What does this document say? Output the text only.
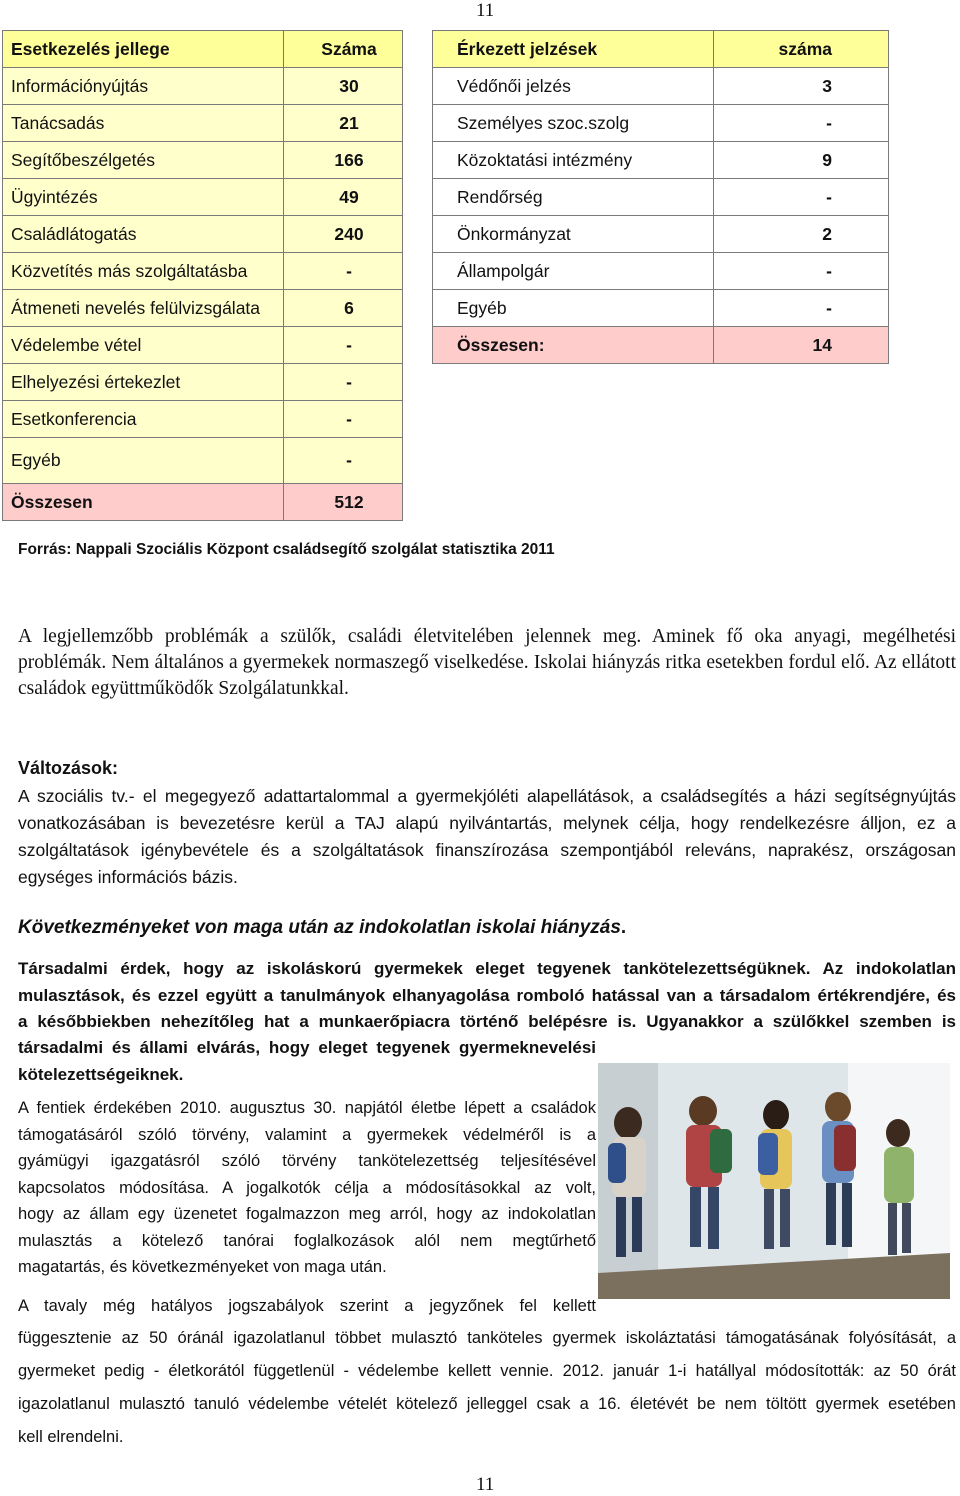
11
Esetkezelés jellege	Száma
Információnyújtás	30
Tanácsadás	21
Segítőbeszélgetés	166
Ügyintézés	49
Családlátogatás	240
Közvetítés más szolgáltatásba	-
Átmeneti nevelés felülvizsgálata	6
Védelembe vétel	-
Elhelyezési értekezlet	-
Esetkonferencia	-
Egyéb	-
Összesen	512
Érkezett jelzések	száma
Védőnői jelzés	3
Személyes szoc.szolg	-
Közoktatási intézmény	9
Rendőrség	-
Önkormányzat	2
Állampolgár	-
Egyéb	-
Összesen:	14
Forrás: Nappali Szociális Központ családsegítő szolgálat statisztika 2011
A legjellemzőbb problémák a szülők, családi életvitelében jelennek meg. Aminek fő oka anyagi, megélhetési problémák. Nem általános a gyermekek normaszegő viselkedése. Iskolai hiányzás ritka esetekben fordul elő. Az ellátott családok együttműködők Szolgálatunkkal.
Változások:
A szociális tv.- el megegyező adattartalommal a gyermekjóléti alapellátások, a családsegítés a házi segítségnyújtás vonatkozásában is bevezetésre kerül a TAJ alapú nyilvántartás, melynek célja, hogy rendelkezésre álljon, ez a szolgáltatások igénybevétele és a szolgáltatások finanszírozása szempontjából releváns, naprakész, országosan egységes információs bázis.
Következményeket von maga után az indokolatlan iskolai hiányzás.
Társadalmi érdek, hogy az iskoláskorú gyermekek eleget tegyenek tankötelezettségüknek. Az indokolatlan
mulasztások, és ezzel együtt a tanulmányok elhanyagolása romboló hatással van a társadalom értékrendjére, és
a későbbiekben nehezítőleg hat a munkaerőpiacra történő belépésre is. Ugyanakkor a szülőkkel szemben is
társadalmi és állami elvárás, hogy eleget tegyenek gyermeknevelési
kötelezettségeiknek.
A fentiek érdekében 2010. augusztus 30. napjától életbe lépett a családok
támogatásáról szóló törvény, valamint a gyermekek védelméről is a
gyámügyi igazgatásról szóló törvény tankötelezettség teljesítésével
kapcsolatos módosítása. A jogalkotók célja a módosításokkal az volt,
hogy az állam egy üzenetet fogalmazzon meg arról, hogy az indokolatlan
mulasztás a kötelező tanórai foglalkozások alól nem megtűrhető
magatartás, és következményeket von maga után.
A tavaly még hatályos jogszabályok szerint a jegyzőnek fel kellett
függesztenie az 50 óránál igazolatlanul többet mulasztó tanköteles gyermek iskoláztatási támogatásának folyósítását, a
gyermeket pedig - életkorától függetlenül - védelembe kellett vennie. 2012. január 1-i hatállyal módosították: az 50 órát
igazolatlanul mulasztó tanuló védelembe vételét kötelező jelleggel csak a 16. életévét be nem töltött gyermek esetében
kell elrendelni.
11
